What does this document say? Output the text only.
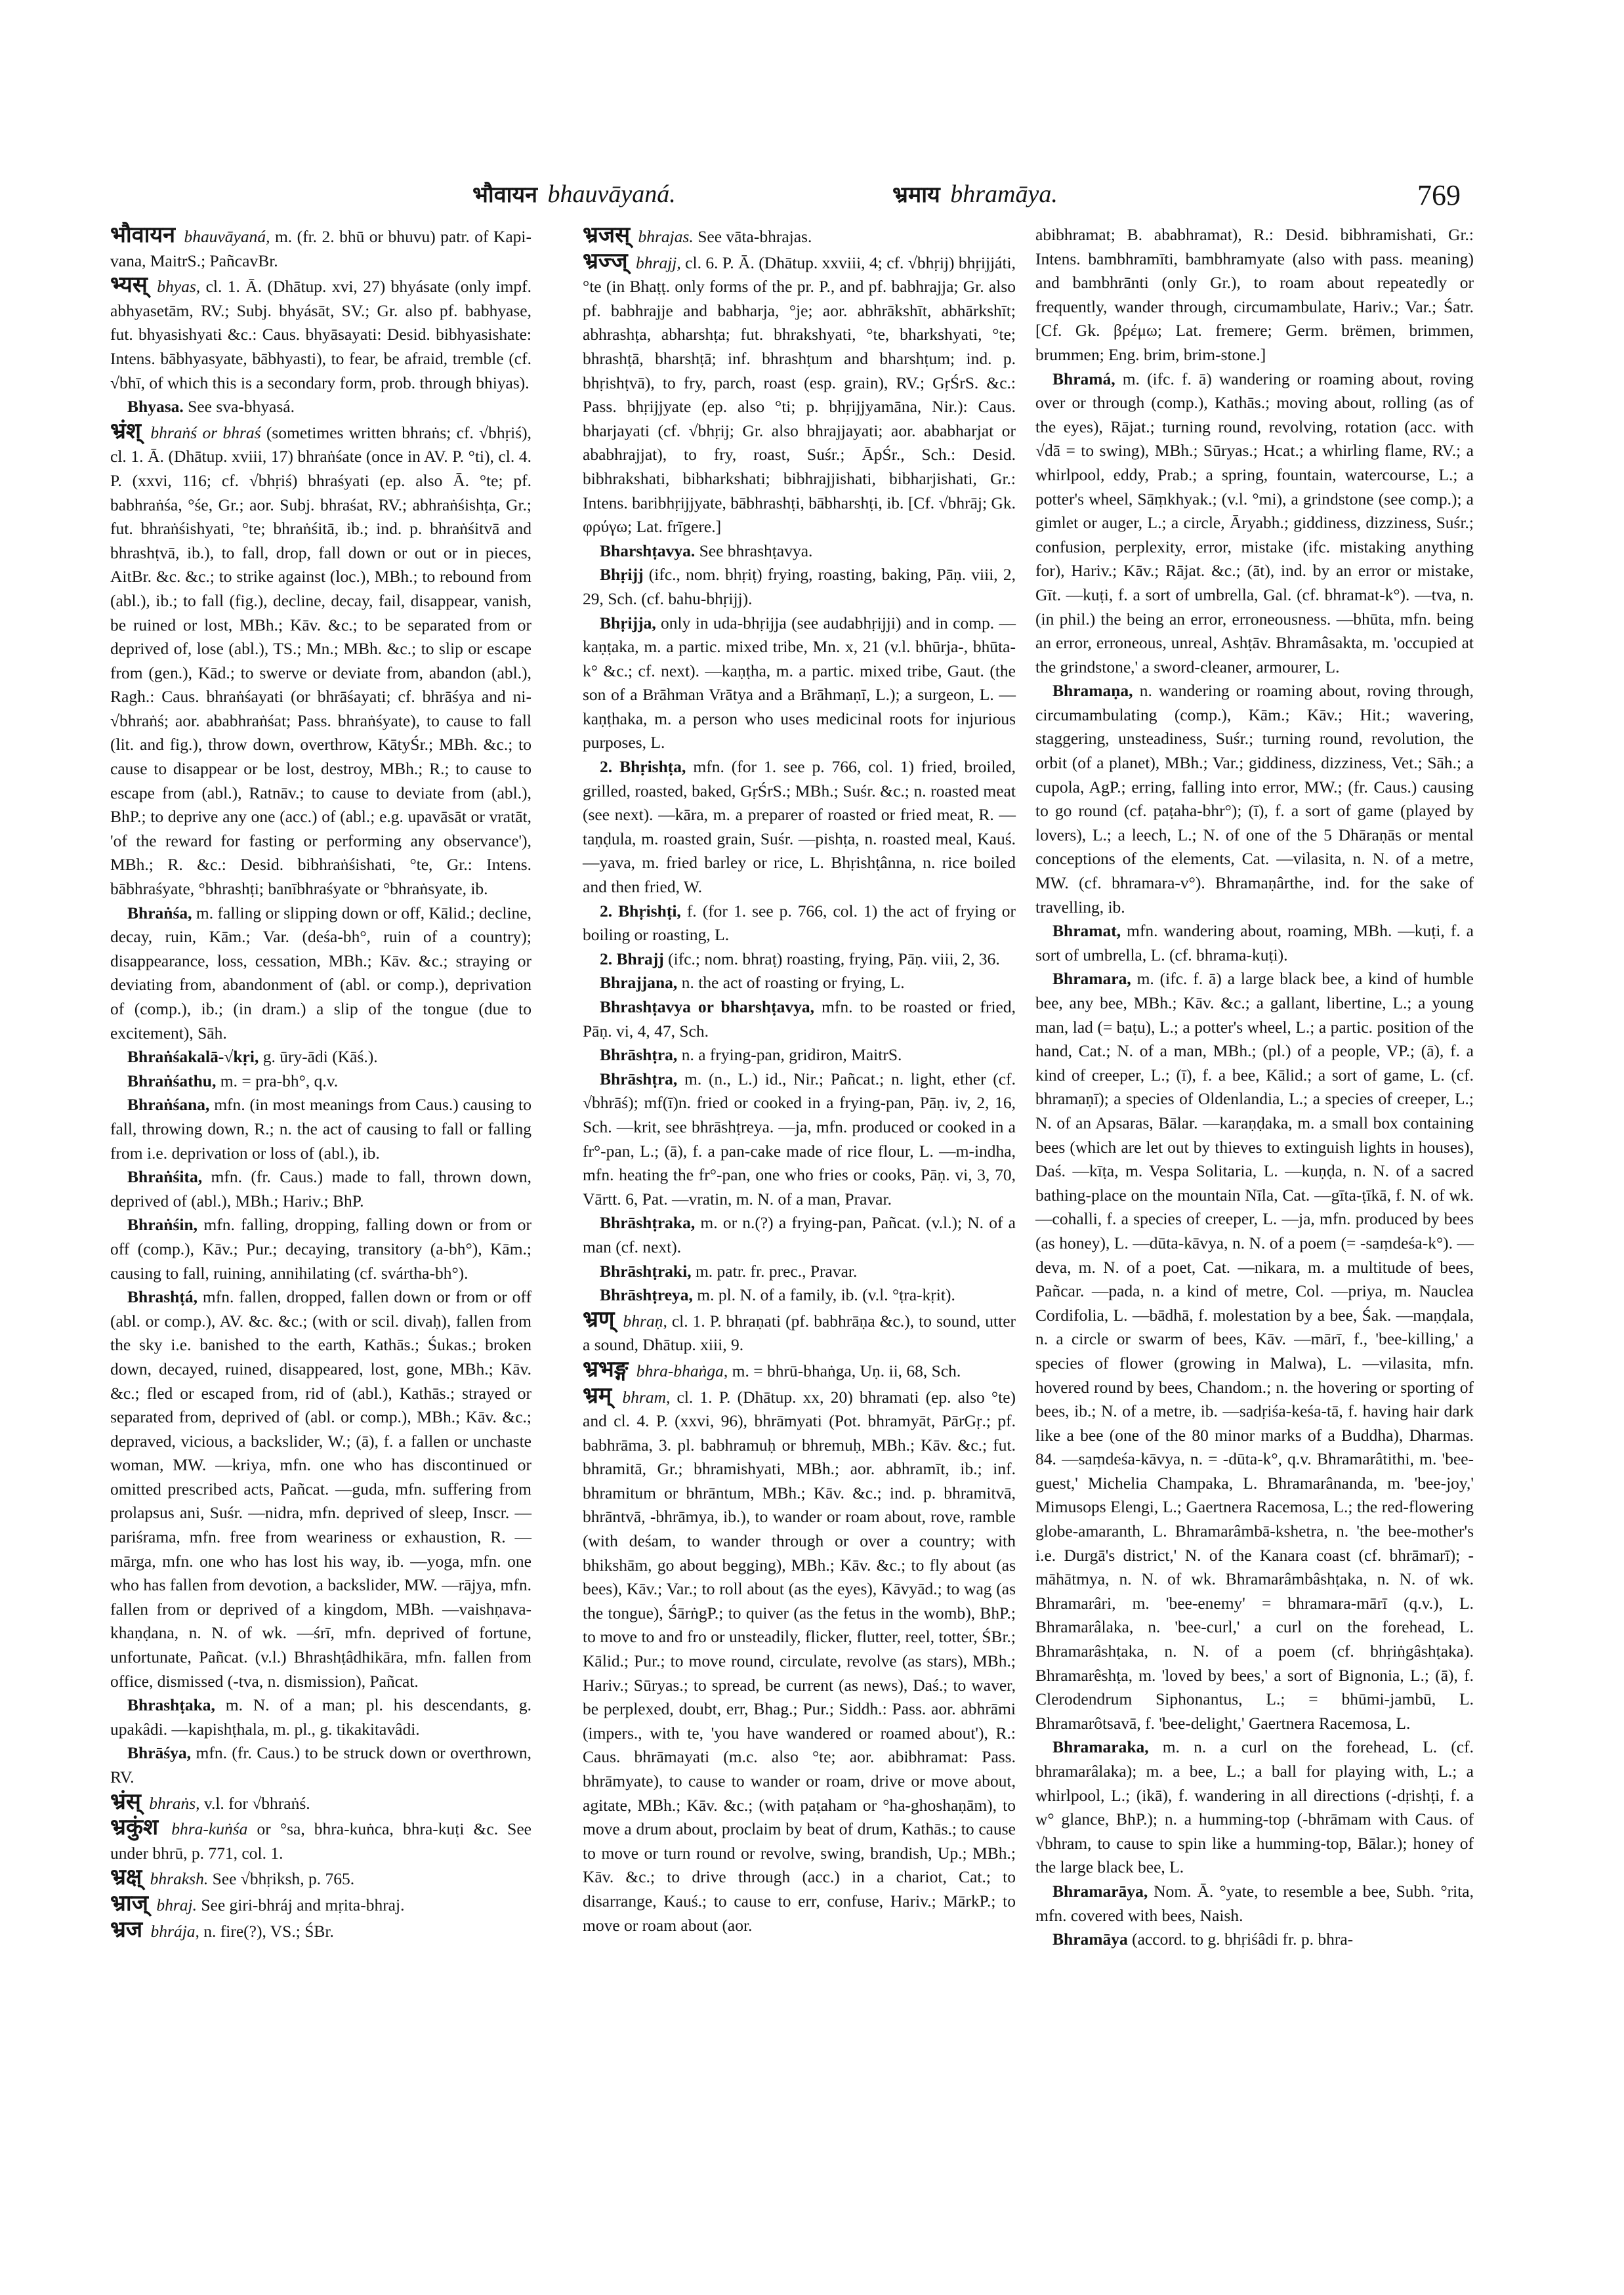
भौवायन bhauvāyaná.	भ्रमाय bhramāya.	769

भौवायन bhauvāyaná, m. (fr. 2. bhū or bhuvu) patr. of Kapi-vana, MaitrS.; PañcavBr.

भ्यस् bhyas, cl. 1. Ā. (Dhātup. xvi, 27) bhyásate (only impf. abhyasetām, RV.; Subj. bhyásāt, SV.; Gr. also pf. babhyase, fut. bhyasishyati &c.: Caus. bhyāsayati: Desid. bibhyasishate: Intens. bābhyasyate, bābhyasti), to fear, be afraid, tremble (cf. √bhī, of which this is a secondary form, prob. through bhiyas).

Bhyasa. See sva-bhyasá.

भ्रंश् bhraṅś or bhraś (sometimes written bhraṅs; cf. √bhṛiś), cl. 1. Ā. (Dhātup. xviii, 17) bhraṅśate (once in AV. P. °ti), cl. 4. P. (xxvi, 116; cf. √bhṛiś) bhraśyati (ep. also Ā. °te; pf. babhraṅśa, °śe, Gr.; aor. Subj. bhraśat, RV.; abhraṅśishṭa, Gr.; fut. bhraṅśishyati, °te; bhraṅśitā, ib.; ind. p. bhraṅśitvā and bhrashṭvā, ib.), to fall, drop, fall down or out or in pieces, AitBr. &c. &c.; to strike against (loc.), MBh.; to rebound from (abl.), ib.; to fall (fig.), decline, decay, fail, disappear, vanish, be ruined or lost, MBh.; Kāv. &c.; to be separated from or deprived of, lose (abl.), TS.; Mn.; MBh. &c.; to slip or escape from (gen.), Kād.; to swerve or deviate from, abandon (abl.), Ragh.: Caus. bhraṅśayati (or bhrāśayati; cf. bhrāśya and ni-√bhraṅś; aor. ababhraṅśat; Pass. bhraṅśyate), to cause to fall (lit. and fig.), throw down, overthrow, KātyŚr.; MBh. &c.; to cause to disappear or be lost, destroy, MBh.; R.; to cause to escape from (abl.), Ratnāv.; to cause to deviate from (abl.), BhP.; to deprive any one (acc.) of (abl.; e.g. upavāsāt or vratāt, 'of the reward for fasting or performing any observance'), MBh.; R. &c.: Desid. bibhraṅśishati, °te, Gr.: Intens. bābhraśyate, °bhrashṭi; banībhraśyate or °bhraṅsyate, ib.

Bhraṅśa, m. falling or slipping down or off, Kālid.; decline, decay, ruin, Kām.; Var. (deśa-bh°, ruin of a country); disappearance, loss, cessation, MBh.; Kāv. &c.; straying or deviating from, abandonment of (abl. or comp.), deprivation of (comp.), ib.; (in dram.) a slip of the tongue (due to excitement), Sāh.

Bhraṅśakalā-√kṛi, g. ūry-ādi (Kāś.).

Bhraṅśathu, m. = pra-bh°, q.v.

Bhraṅśana, mfn. (in most meanings from Caus.) causing to fall, throwing down, R.; n. the act of causing to fall or falling from i.e. deprivation or loss of (abl.), ib.

Bhraṅśita, mfn. (fr. Caus.) made to fall, thrown down, deprived of (abl.), MBh.; Hariv.; BhP.

Bhraṅśin, mfn. falling, dropping, falling down or from or off (comp.), Kāv.; Pur.; decaying, transitory (a-bh°), Kām.; causing to fall, ruining, annihilating (cf. svártha-bh°).

Bhrashṭá, mfn. fallen, dropped, fallen down or from or off (abl. or comp.), AV. &c. &c.; (with or scil. divaḥ), fallen from the sky i.e. banished to the earth, Kathās.; Śukas.; broken down, decayed, ruined, disappeared, lost, gone, MBh.; Kāv. &c.; fled or escaped from, rid of (abl.), Kathās.; strayed or separated from, deprived of (abl. or comp.), MBh.; Kāv. &c.; depraved, vicious, a backslider, W.; (ā), f. a fallen or unchaste woman, MW. —kriya, mfn. one who has discontinued or omitted prescribed acts, Pañcat. —guda, mfn. suffering from prolapsus ani, Suśr. —nidra, mfn. deprived of sleep, Inscr. —pariśrama, mfn. free from weariness or exhaustion, R. —mārga, mfn. one who has lost his way, ib. —yoga, mfn. one who has fallen from devotion, a backslider, MW. —rājya, mfn. fallen from or deprived of a kingdom, MBh. —vaishṇava-khaṇḍana, n. N. of wk. —śrī, mfn. deprived of fortune, unfortunate, Pañcat. (v.l.) Bhrashṭâdhikāra, mfn. fallen from office, dismissed (-tva, n. dismission), Pañcat.

Bhrashṭaka, m. N. of a man; pl. his descendants, g. upakâdi. —kapishṭhala, m. pl., g. tikakitavâdi.

Bhrāśya, mfn. (fr. Caus.) to be struck down or overthrown, RV.

भ्रंस् bhraṅs, v.l. for √bhraṅś.

भ्रकुंश bhra-kuṅśa or °sa, bhra-kuṅca, bhra-kuṭi &c. See under bhrū, p. 771, col. 1.

भ्रक्ष् bhraksh. See √bhṛiksh, p. 765.

भ्राज् bhraj. See giri-bhráj and mṛita-bhraj.

भ्रज bhrája, n. fire(?), VS.; ŚBr.

भ्रजस् bhrajas. See vāta-bhrajas.

भ्रज्ज् bhrajj, cl. 6. P. Ā. (Dhātup. xxviii, 4; cf. √bhṛij) bhṛijjáti, °te (in Bhaṭṭ. only forms of the pr. P., and pf. babhrajja; Gr. also pf. babhrajje and babharja, °je; aor. abhrākshīt, abhārkshīt; abhrashṭa, abharshṭa; fut. bhrakshyati, °te, bharkshyati, °te; bhrashṭā, bharshṭā; inf. bhrashṭum and bharshṭum; ind. p. bhṛishṭvā), to fry, parch, roast (esp. grain), RV.; GṛŚrS. &c.: Pass. bhṛijjyate (ep. also °ti; p. bhṛijjyamāna, Nir.): Caus. bharjayati (cf. √bhṛij; Gr. also bhrajjayati; aor. ababharjat or ababhrajjat), to fry, roast, Suśr.; ĀpŚr., Sch.: Desid. bibhrakshati, bibharkshati; bibhrajjishati, bibharjishati, Gr.: Intens. baribhṛijjyate, bābhrashṭi, bābharshṭi, ib. [Cf. √bhrāj; Gk. φρύγω; Lat. frīgere.]

Bharshṭavya. See bhrashṭavya.

Bhṛijj (ifc., nom. bhṛiṭ) frying, roasting, baking, Pāṇ. viii, 2, 29, Sch. (cf. bahu-bhṛijj).

Bhṛijja, only in uda-bhṛijja (see audabhṛijji) and in comp. —kaṇṭaka, m. a partic. mixed tribe, Mn. x, 21 (v.l. bhūrja-, bhūta-k° &c.; cf. next). —kaṇṭha, m. a partic. mixed tribe, Gaut. (the son of a Brāhman Vrātya and a Brāhmaṇī, L.); a surgeon, L. —kaṇṭhaka, m. a person who uses medicinal roots for injurious purposes, L.

2. Bhṛishṭa, mfn. (for 1. see p. 766, col. 1) fried, broiled, grilled, roasted, baked, GṛŚrS.; MBh.; Suśr. &c.; n. roasted meat (see next). —kāra, m. a preparer of roasted or fried meat, R. —taṇḍula, m. roasted grain, Suśr. —pishṭa, n. roasted meal, Kauś. —yava, m. fried barley or rice, L. Bhṛishṭânna, n. rice boiled and then fried, W.

2. Bhṛishṭi, f. (for 1. see p. 766, col. 1) the act of frying or boiling or roasting, L.

2. Bhrajj (ifc.; nom. bhraṭ) roasting, frying, Pāṇ. viii, 2, 36.

Bhrajjana, n. the act of roasting or frying, L.

Bhrashṭavya or bharshṭavya, mfn. to be roasted or fried, Pāṇ. vi, 4, 47, Sch.

Bhrāshṭra, n. a frying-pan, gridiron, MaitrS.

Bhrāshṭra, m. (n., L.) id., Nir.; Pañcat.; n. light, ether (cf. √bhrāś); mf(ī)n. fried or cooked in a frying-pan, Pāṇ. iv, 2, 16, Sch. —krit, see bhrāshṭreya. —ja, mfn. produced or cooked in a fr°-pan, L.; (ā), f. a pan-cake made of rice flour, L. —m-indha, mfn. heating the fr°-pan, one who fries or cooks, Pāṇ. vi, 3, 70, Vārtt. 6, Pat. —vratin, m. N. of a man, Pravar.

Bhrāshṭraka, m. or n.(?) a frying-pan, Pañcat. (v.l.); N. of a man (cf. next).

Bhrāshṭraki, m. patr. fr. prec., Pravar.

Bhrāshṭreya, m. pl. N. of a family, ib. (v.l. °ṭra-kṛit).

भ्रण् bhraṇ, cl. 1. P. bhraṇati (pf. babhrāṇa &c.), to sound, utter a sound, Dhātup. xiii, 9.

भ्रभङ्ग bhra-bhaṅga, m. = bhrū-bhaṅga, Uṇ. ii, 68, Sch.

भ्रम् bhram, cl. 1. P. (Dhātup. xx, 20) bhramati (ep. also °te) and cl. 4. P. (xxvi, 96), bhrāmyati (Pot. bhramyāt, PārGṛ.; pf. babhrāma, 3. pl. babhramuḥ or bhremuḥ, MBh.; Kāv. &c.; fut. bhramitā, Gr.; bhramishyati, MBh.; aor. abhramīt, ib.; inf. bhramitum or bhrāntum, MBh.; Kāv. &c.; ind. p. bhramitvā, bhrāntvā, -bhrāmya, ib.), to wander or roam about, rove, ramble (with deśam, to wander through or over a country; with bhikshām, go about begging), MBh.; Kāv. &c.; to fly about (as bees), Kāv.; Var.; to roll about (as the eyes), Kāvyād.; to wag (as the tongue), ŚārṅgP.; to quiver (as the fetus in the womb), BhP.; to move to and fro or unsteadily, flicker, flutter, reel, totter, ŚBr.; Kālid.; Pur.; to move round, circulate, revolve (as stars), MBh.; Hariv.; Sūryas.; to spread, be current (as news), Daś.; to waver, be perplexed, doubt, err, Bhag.; Pur.; Siddh.: Pass. aor. abhrāmi (impers., with te, 'you have wandered or roamed about'), R.: Caus. bhrāmayati (m.c. also °te; aor. abibhramat: Pass. bhrāmyate), to cause to wander or roam, drive or move about, agitate, MBh.; Kāv. &c.; (with paṭaham or °ha-ghoshaṇām), to move a drum about, proclaim by beat of drum, Kathās.; to cause to move or turn round or revolve, swing, brandish, Up.; MBh.; Kāv. &c.; to drive through (acc.) in a chariot, Cat.; to disarrange, Kauś.; to cause to err, confuse, Hariv.; MārkP.; to move or roam about (aor.

abibhramat; B. ababhramat), R.: Desid. bibhramishati, Gr.: Intens. bambhramīti, bambhramyate (also with pass. meaning) and bambhrānti (only Gr.), to roam about repeatedly or frequently, wander through, circumambulate, Hariv.; Var.; Śatr. [Cf. Gk. βρέμω; Lat. fremere; Germ. brëmen, brimmen, brummen; Eng. brim, brim-stone.]

Bhramá, m. (ifc. f. ā) wandering or roaming about, roving over or through (comp.), Kathās.; moving about, rolling (as of the eyes), Rājat.; turning round, revolving, rotation (acc. with √dā = to swing), MBh.; Sūryas.; Hcat.; a whirling flame, RV.; a whirlpool, eddy, Prab.; a spring, fountain, watercourse, L.; a potter's wheel, Sāṃkhyak.; (v.l. °mi), a grindstone (see comp.); a gimlet or auger, L.; a circle, Āryabh.; giddiness, dizziness, Suśr.; confusion, perplexity, error, mistake (ifc. mistaking anything for), Hariv.; Kāv.; Rājat. &c.; (āt), ind. by an error or mistake, Gīt. —kuṭi, f. a sort of umbrella, Gal. (cf. bhramat-k°). —tva, n. (in phil.) the being an error, erroneousness. —bhūta, mfn. being an error, erroneous, unreal, Ashṭāv. Bhramâsakta, m. 'occupied at the grindstone,' a sword-cleaner, armourer, L.

Bhramaṇa, n. wandering or roaming about, roving through, circumambulating (comp.), Kām.; Kāv.; Hit.; wavering, staggering, unsteadiness, Suśr.; turning round, revolution, the orbit (of a planet), MBh.; Var.; giddiness, dizziness, Vet.; Sāh.; a cupola, AgP.; erring, falling into error, MW.; (fr. Caus.) causing to go round (cf. paṭaha-bhr°); (ī), f. a sort of game (played by lovers), L.; a leech, L.; N. of one of the 5 Dhāraṇās or mental conceptions of the elements, Cat. —vilasita, n. N. of a metre, MW. (cf. bhramara-v°). Bhramaṇârthe, ind. for the sake of travelling, ib.

Bhramat, mfn. wandering about, roaming, MBh. —kuṭi, f. a sort of umbrella, L. (cf. bhrama-kuṭi).

Bhramara, m. (ifc. f. ā) a large black bee, a kind of humble bee, any bee, MBh.; Kāv. &c.; a gallant, libertine, L.; a young man, lad (= baṭu), L.; a potter's wheel, L.; a partic. position of the hand, Cat.; N. of a man, MBh.; (pl.) of a people, VP.; (ā), f. a kind of creeper, L.; (ī), f. a bee, Kālid.; a sort of game, L. (cf. bhramaṇī); a species of Oldenlandia, L.; a species of creeper, L.; N. of an Apsaras, Bālar. —karaṇḍaka, m. a small box containing bees (which are let out by thieves to extinguish lights in houses), Daś. —kīṭa, m. Vespa Solitaria, L. —kuṇḍa, n. N. of a sacred bathing-place on the mountain Nīla, Cat. —gīta-ṭīkā, f. N. of wk. —cohalli, f. a species of creeper, L. —ja, mfn. produced by bees (as honey), L. —dūta-kāvya, n. N. of a poem (= -saṃdeśa-k°). —deva, m. N. of a poet, Cat. —nikara, m. a multitude of bees, Pañcar. —pada, n. a kind of metre, Col. —priya, m. Nauclea Cordifolia, L. —bādhā, f. molestation by a bee, Śak. —maṇḍala, n. a circle or swarm of bees, Kāv. —mārī, f., 'bee-killing,' a species of flower (growing in Malwa), L. —vilasita, mfn. hovered round by bees, Chandom.; n. the hovering or sporting of bees, ib.; N. of a metre, ib. —sadṛiśa-keśa-tā, f. having hair dark like a bee (one of the 80 minor marks of a Buddha), Dharmas. 84. —saṃdeśa-kāvya, n. = -dūta-k°, q.v. Bhramarâtithi, m. 'bee-guest,' Michelia Champaka, L. Bhramarânanda, m. 'bee-joy,' Mimusops Elengi, L.; Gaertnera Racemosa, L.; the red-flowering globe-amaranth, L. Bhramarâmbā-kshetra, n. 'the bee-mother's i.e. Durgā's district,' N. of the Kanara coast (cf. bhrāmarī); -māhātmya, n. N. of wk. Bhramarâmbâshṭaka, n. N. of wk. Bhramarâri, m. 'bee-enemy' = bhramara-mārī (q.v.), L. Bhramarâlaka, n. 'bee-curl,' a curl on the forehead, L. Bhramarâshṭaka, n. N. of a poem (cf. bhṛiṅgâshṭaka). Bhramarêshṭa, m. 'loved by bees,' a sort of Bignonia, L.; (ā), f. Clerodendrum Siphonantus, L.; = bhūmi-jambū, L. Bhramarôtsavā, f. 'bee-delight,' Gaertnera Racemosa, L.

Bhramaraka, m. n. a curl on the forehead, L. (cf. bhramarâlaka); m. a bee, L.; a ball for playing with, L.; a whirlpool, L.; (ikā), f. wandering in all directions (-dṛishṭi, f. a w° glance, BhP.); n. a humming-top (-bhrāmam with Caus. of √bhram, to cause to spin like a humming-top, Bālar.); honey of the large black bee, L.

Bhramarāya, Nom. Ā. °yate, to resemble a bee, Subh. °rita, mfn. covered with bees, Naish.

Bhramāya (accord. to g. bhṛiśâdi fr. p. bhra-
